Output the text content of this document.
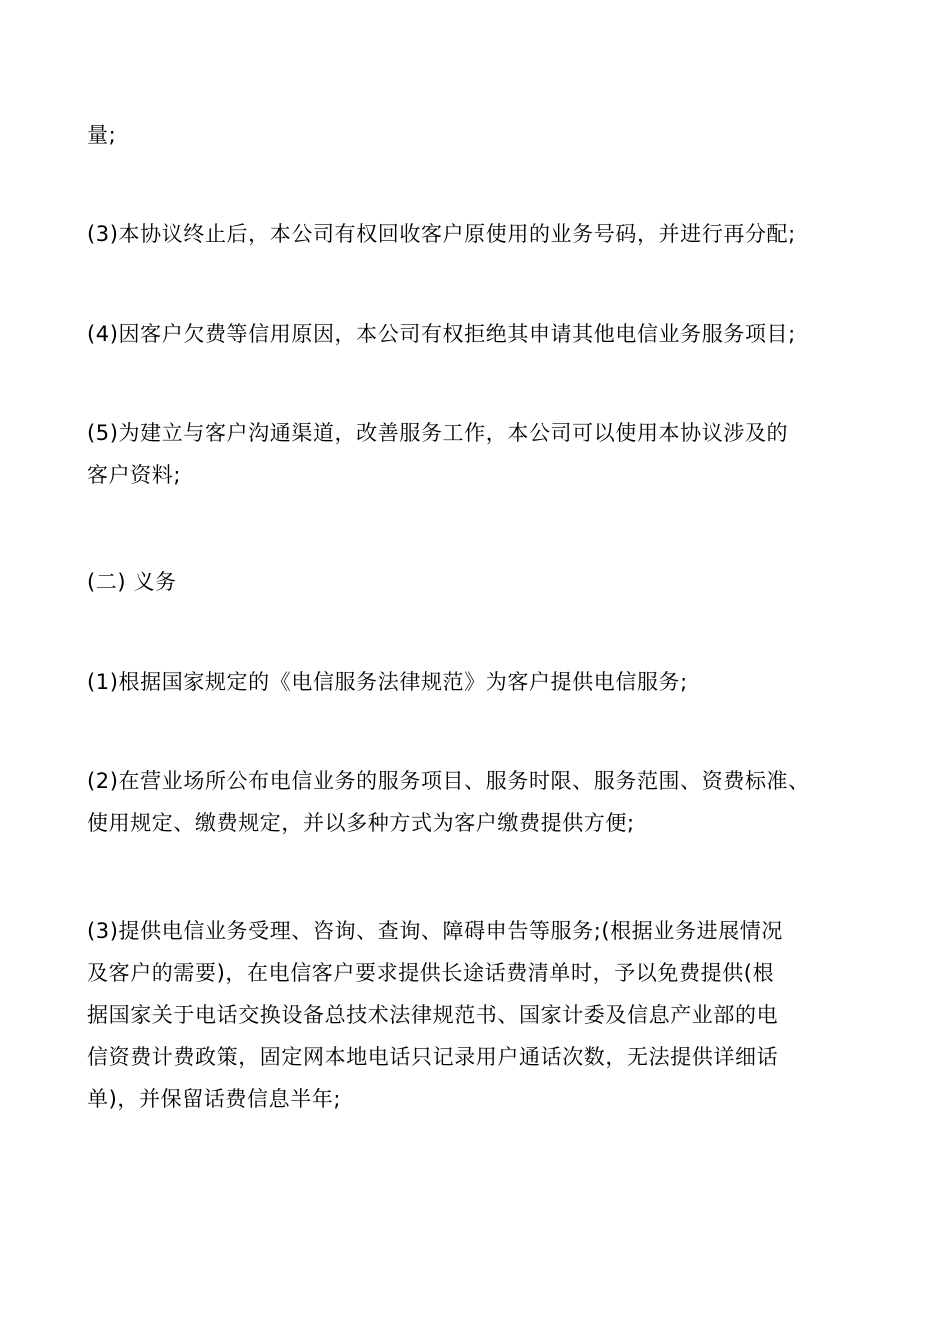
量;
(3)本协议终止后，本公司有权回收客户原使用的业务号码，并进行再分配;
(4)因客户欠费等信用原因，本公司有权拒绝其申请其他电信业务服务项目;
(5)为建立与客户沟通渠道，改善服务工作，本公司可以使用本协议涉及的
客户资料;
(二) 义务
(1)根据国家规定的《电信服务法律规范》为客户提供电信服务;
(2)在营业场所公布电信业务的服务项目、服务时限、服务范围、资费标准、
使用规定、缴费规定，并以多种方式为客户缴费提供方便;
(3)提供电信业务受理、咨询、查询、障碍申告等服务;(根据业务进展情况
及客户的需要)，在电信客户要求提供长途话费清单时，予以免费提供(根
据国家关于电话交换设备总技术法律规范书、国家计委及信息产业部的电
信资费计费政策，固定网本地电话只记录用户通话次数，无法提供详细话
单)，并保留话费信息半年;
